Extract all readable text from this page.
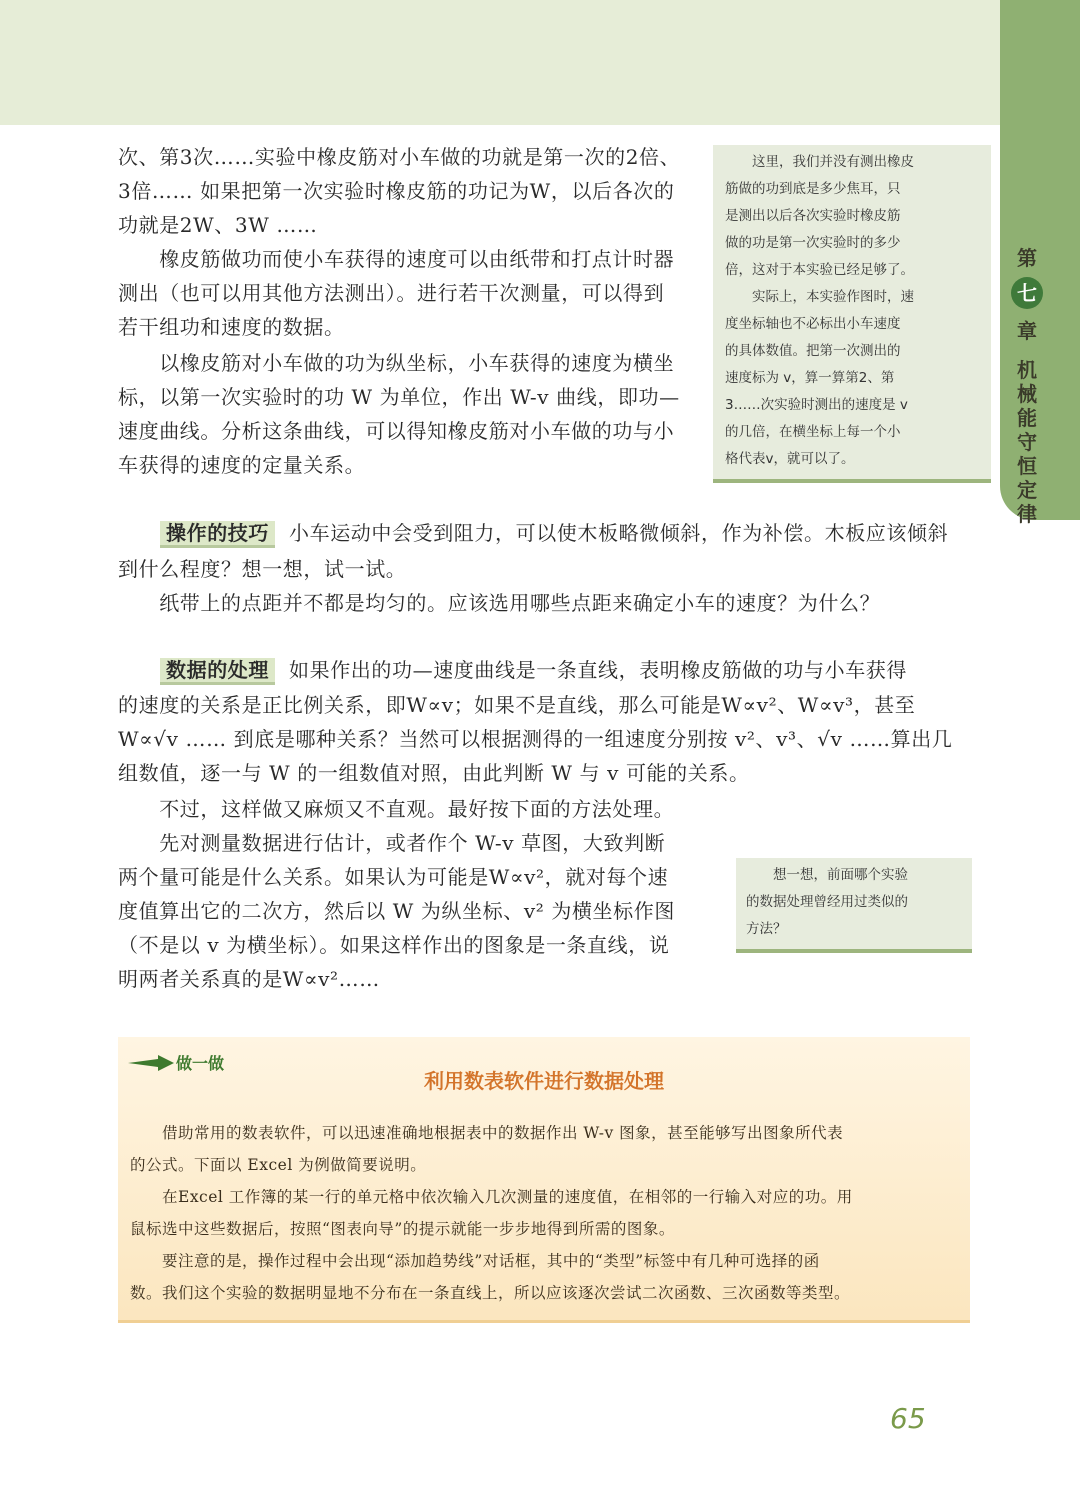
第
七
章
机
械
能
守
恒
定
律
次、第3次……实验中橡皮筋对小车做的功就是第一次的2倍、
3倍…… 如果把第一次实验时橡皮筋的功记为W，以后各次的
功就是2W、3W ……
　　橡皮筋做功而使小车获得的速度可以由纸带和打点计时器
测出（也可以用其他方法测出）。进行若干次测量，可以得到
若干组功和速度的数据。
　　以橡皮筋对小车做的功为纵坐标，小车获得的速度为横坐
标，以第一次实验时的功 W 为单位，作出 W-v 曲线，即功—
速度曲线。分析这条曲线，可以得知橡皮筋对小车做的功与小
车获得的速度的定量关系。
　　这里，我们并没有测出橡皮
筋做的功到底是多少焦耳，只
是测出以后各次实验时橡皮筋
做的功是第一次实验时的多少
倍，这对于本实验已经足够了。
　　实际上，本实验作图时，速
度坐标轴也不必标出小车速度
的具体数值。把第一次测出的
速度标为 v，算一算第2、第
3……次实验时测出的速度是 v
的几倍，在横坐标上每一个小
格代表v，就可以了。
操作的技巧 小车运动中会受到阻力，可以使木板略微倾斜，作为补偿。木板应该倾斜
到什么程度？想一想，试一试。
　　纸带上的点距并不都是均匀的。应该选用哪些点距来确定小车的速度？为什么？
数据的处理 如果作出的功—速度曲线是一条直线，表明橡皮筋做的功与小车获得
的速度的关系是正比例关系，即W∝v；如果不是直线，那么可能是W∝v²、W∝v³，甚至
W∝√v …… 到底是哪种关系？当然可以根据测得的一组速度分别按 v²、v³、√v ……算出几
组数值，逐一与 W 的一组数值对照，由此判断 W 与 v 可能的关系。
　　不过，这样做又麻烦又不直观。最好按下面的方法处理。
　　先对测量数据进行估计，或者作个 W-v 草图，大致判断
两个量可能是什么关系。如果认为可能是W∝v²，就对每个速
度值算出它的二次方，然后以 W 为纵坐标、v² 为横坐标作图
（不是以 v 为横坐标）。如果这样作出的图象是一条直线，说
明两者关系真的是W∝v²……
　　想一想，前面哪个实验
的数据处理曾经用过类似的
方法？
做一做
利用数表软件进行数据处理
　　借助常用的数表软件，可以迅速准确地根据表中的数据作出 W-v 图象，甚至能够写出图象所代表
的公式。下面以 Excel 为例做简要说明。
　　在Excel 工作簿的某一行的单元格中依次输入几次测量的速度值，在相邻的一行输入对应的功。用
鼠标选中这些数据后，按照“图表向导”的提示就能一步步地得到所需的图象。
　　要注意的是，操作过程中会出现“添加趋势线”对话框，其中的“类型”标签中有几种可选择的函
数。我们这个实验的数据明显地不分布在一条直线上，所以应该逐次尝试二次函数、三次函数等类型。
65
